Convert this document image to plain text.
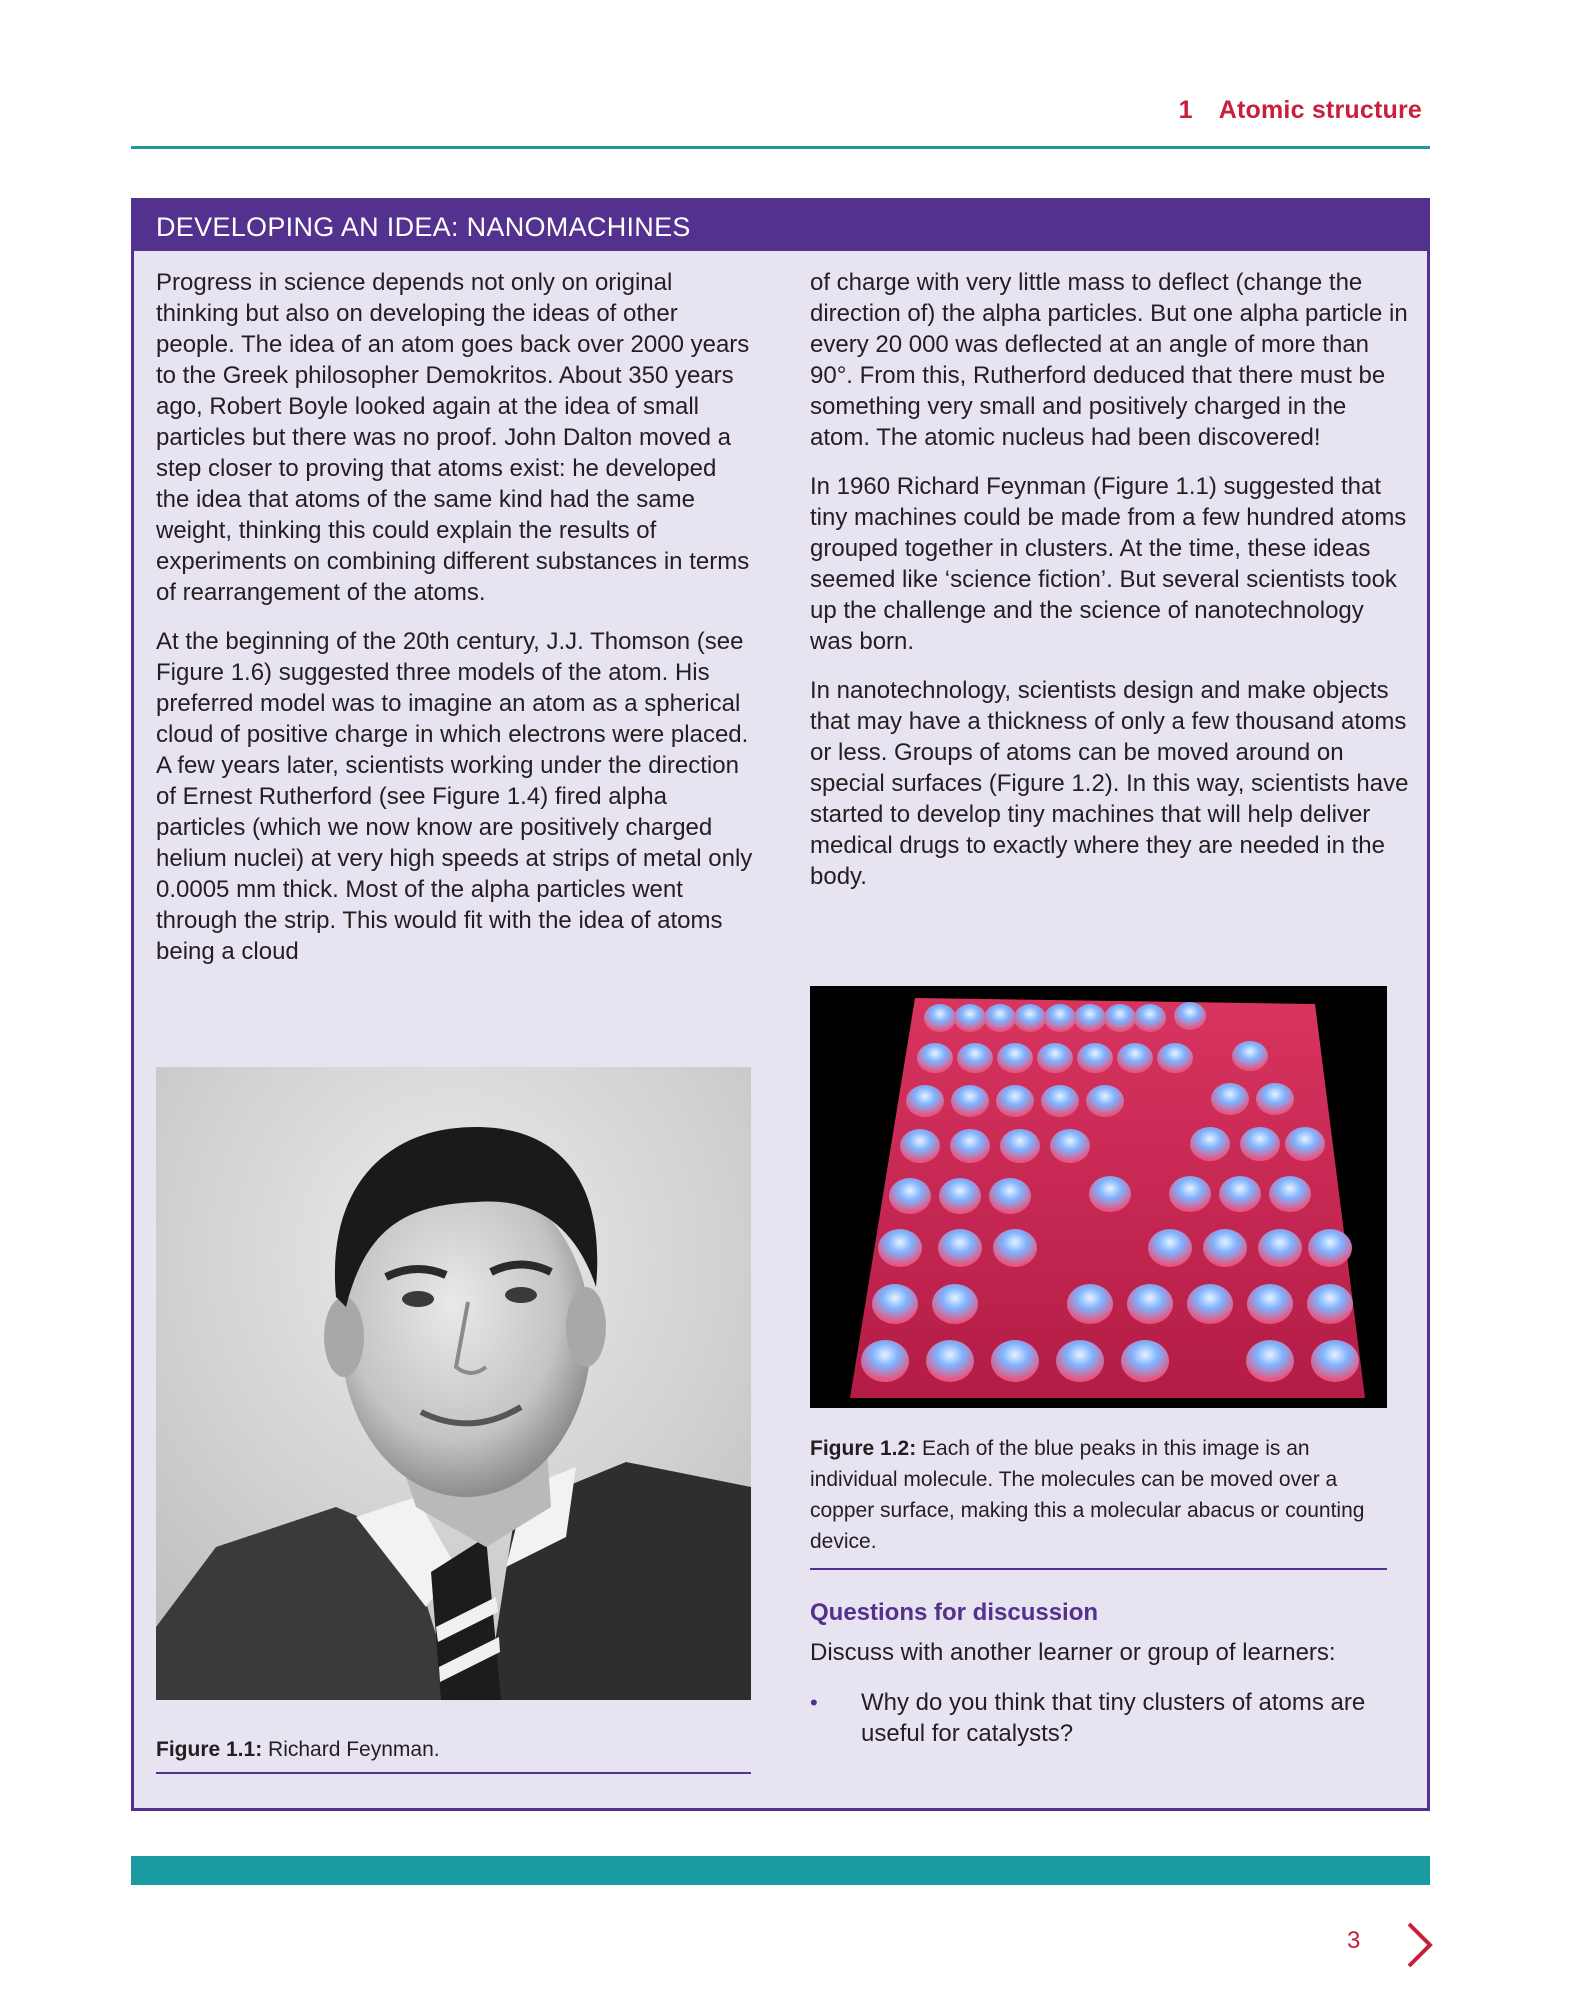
1 Atomic structure
DEVELOPING AN IDEA: NANOMACHINES

Progress in science depends not only on original thinking but also on developing the ideas of other people. The idea of an atom goes back over 2000 years to the Greek philosopher Demokritos. About 350 years ago, Robert Boyle looked again at the idea of small particles but there was no proof. John Dalton moved a step closer to proving that atoms exist: he developed the idea that atoms of the same kind had the same weight, thinking this could explain the results of experiments on combining different substances in terms of rearrangement of the atoms.

At the beginning of the 20th century, J.J. Thomson (see Figure 1.6) suggested three models of the atom. His preferred model was to imagine an atom as a spherical cloud of positive charge in which electrons were placed. A few years later, scientists working under the direction of Ernest Rutherford (see Figure 1.4) fired alpha particles (which we now know are positively charged helium nuclei) at very high speeds at strips of metal only 0.0005 mm thick. Most of the alpha particles went through the strip. This would fit with the idea of atoms being a cloud

of charge with very little mass to deflect (change the direction of) the alpha particles. But one alpha particle in every 20 000 was deflected at an angle of more than 90°. From this, Rutherford deduced that there must be something very small and positively charged in the atom. The atomic nucleus had been discovered!

In 1960 Richard Feynman (Figure 1.1) suggested that tiny machines could be made from a few hundred atoms grouped together in clusters. At the time, these ideas seemed like ‘science fiction’. But several scientists took up the challenge and the science of nanotechnology was born.

In nanotechnology, scientists design and make objects that may have a thickness of only a few thousand atoms or less. Groups of atoms can be moved around on special surfaces (Figure 1.2). In this way, scientists have started to develop tiny machines that will help deliver medical drugs to exactly where they are needed in the body.

Figure 1.1: Richard Feynman.
Figure 1.2: Each of the blue peaks in this image is an individual molecule. The molecules can be moved over a copper surface, making this a molecular abacus or counting device.
Questions for discussion
Discuss with another learner or group of learners:
• Why do you think that tiny clusters of atoms are useful for catalysts?
3
